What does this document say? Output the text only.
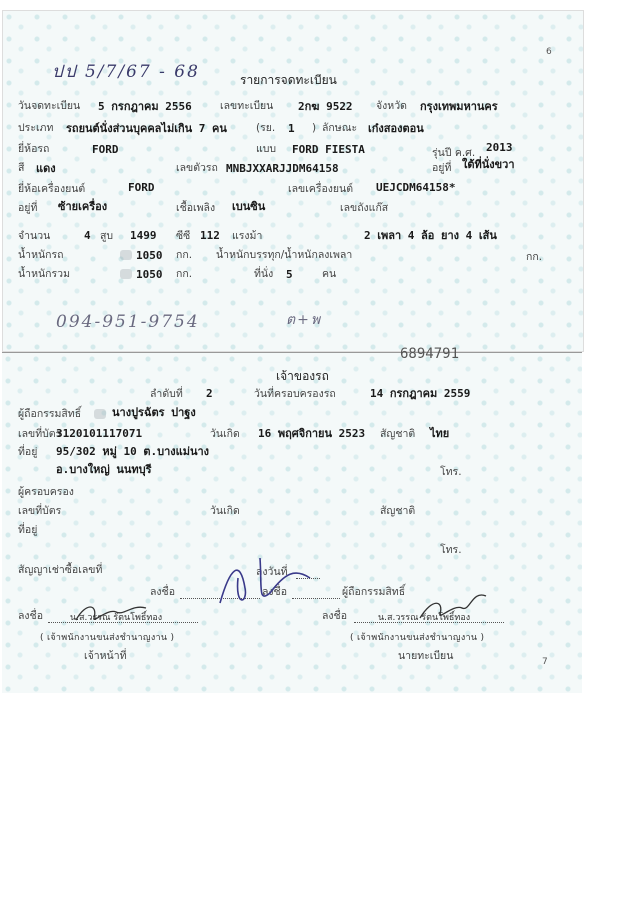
6
ปป 5/7/67 - 68	รายการจดทะเบียน
วันจดทะเบียน 5 กรกฎาคม 2556	เลขทะเบียน 2กฆ 9522 จังหวัด กรุงเทพมหานคร
ประเภท รถยนต์นั่งส่วนบุคคลไม่เกิน 7 คน	(รย. 1 ) ลักษณะ เก๋งสองตอน
ยี่ห้อรถ	FORD	แบบ FORD FIESTA	รุ่นปี ค.ศ. 2013
สี แดง	เลขตัวรถ MNBJXXARJJDM64158	อยู่ที่ ใต้ที่นั่งขวา
ยี่ห้อเครื่องยนต์	FORD	เลขเครื่องยนต์ UEJCDM64158*
อยู่ที่ ซ้ายเครื่อง	เชื้อเพลิง เบนซิน	เลขถังแก๊ส
จำนวน	4 สูบ 1499 ซีซี 112 แรงม้า	2 เพลา 4 ล้อ ยาง 4 เส้น
น้ำหนักรถ	1050 กก. น้ำหนักบรรทุก/น้ำหนักลงเพลา	กก.
น้ำหนักรวม	1050 กก.	ที่นั่ง 5	คน
094-951-9754	ต+พ
6894791
เจ้าของรถ
ลำดับที่ 2	วันที่ครอบครองรถ	14 กรกฎาคม 2559
ผู้ถือกรรมสิทธิ์	นางปูรฉัตร ปาฐง
เลขที่บัตร
3120101117071	วันเกิด 16 พฤศจิกายน 2523 สัญชาติ ไทย
ที่อยู่ 95/302 หมู่ 10 ต.บางแม่นาง
อ.บางใหญ่ นนทบุรี	โทร.
ผู้ครอบครอง
เลขที่บัตร	วันเกิด	สัญชาติ
ที่อยู่
โทร.
สัญญาเช่าซื้อเลขที่	ลงวันที่
ลงชื่อ	ลงชื่อ	ผู้ถือกรรมสิทธิ์
ลงชื่อ	น.ส.วรรณ รัตนโพธิ์ทอง
( เจ้าพนักงานขนส่งชำนาญงาน )
เจ้าหน้าที่
ลงชื่อ	น.ส.วรรณ รัตนโพธิ์ทอง
( เจ้าพนักงานขนส่งชำนาญงาน )
นายทะเบียน	7
